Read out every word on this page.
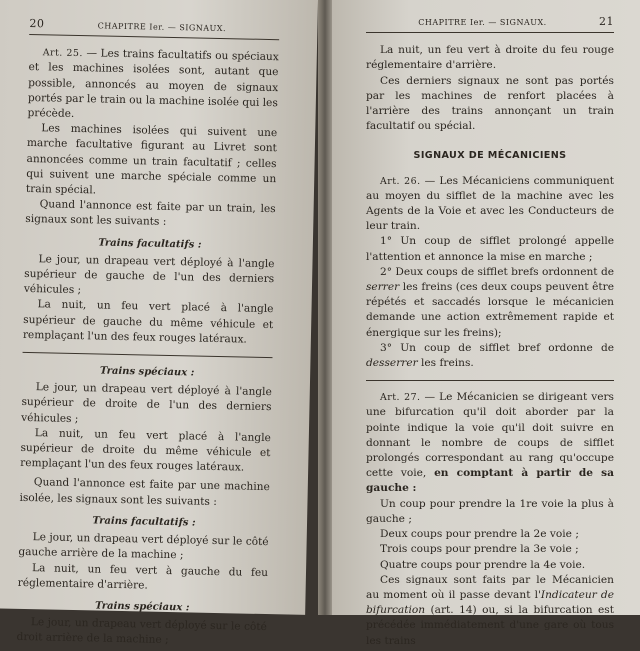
20	CHAPITRE Ier. — SIGNAUX.

Art. 25. — Les trains facultatifs ou spéciaux et les machines isolées sont, autant que possible, annoncés au moyen de signaux portés par le train ou la machine isolée qui les précède.

Les machines isolées qui suivent une marche facultative figurant au Livret sont annoncées comme un train facultatif ; celles qui suivent une marche spéciale comme un train spécial.

Quand l'annonce est faite par un train, les signaux sont les suivants :

Trains facultatifs :

Le jour, un drapeau vert déployé à l'angle supérieur de gauche de l'un des derniers véhicules ;

La nuit, un feu vert placé à l'angle supérieur de gauche du même véhicule et remplaçant l'un des feux rouges latéraux.

Trains spéciaux :

Le jour, un drapeau vert déployé à l'angle supérieur de droite de l'un des derniers véhicules ;

La nuit, un feu vert placé à l'angle supérieur de droite du même véhicule et remplaçant l'un des feux rouges latéraux.

Quand l'annonce est faite par une machine isolée, les signaux sont les suivants :

Trains facultatifs :

Le jour, un drapeau vert déployé sur le côté gauche arrière de la machine ;

La nuit, un feu vert à gauche du feu réglementaire d'arrière.

Trains spéciaux :

Le jour, un drapeau vert déployé sur le côté droit arrière de la machine ;

CHAPITRE Ier. — SIGNAUX.	21

La nuit, un feu vert à droite du feu rouge réglementaire d'arrière.

Ces derniers signaux ne sont pas portés par les machines de renfort placées à l'arrière des trains annonçant un train facultatif ou spécial.

SIGNAUX DE MÉCANICIENS

Art. 26. — Les Mécaniciens communiquent au moyen du sifflet de la machine avec les Agents de la Voie et avec les Conducteurs de leur train.

1° Un coup de sifflet prolongé appelle l'attention et annonce la mise en marche ;

2° Deux coups de sifflet brefs ordonnent de serrer les freins (ces deux coups peuvent être répétés et saccadés lorsque le mécanicien demande une action extrêmement rapide et énergique sur les freins);

3° Un coup de sifflet bref ordonne de desserrer les freins.

Art. 27. — Le Mécanicien se dirigeant vers une bifurcation qu'il doit aborder par la pointe indique la voie qu'il doit suivre en donnant le nombre de coups de sifflet prolongés correspondant au rang qu'occupe cette voie, en comptant à partir de sa gauche :

Un coup pour prendre la 1re voie la plus à gauche ;

Deux coups pour prendre la 2e voie ;

Trois coups pour prendre la 3e voie ;

Quatre coups pour prendre la 4e voie.

Ces signaux sont faits par le Mécanicien au moment où il passe devant l'Indicateur de bifurcation (art. 14) ou, si la bifurcation est précédée immédiatement d'une gare où tous les trains
